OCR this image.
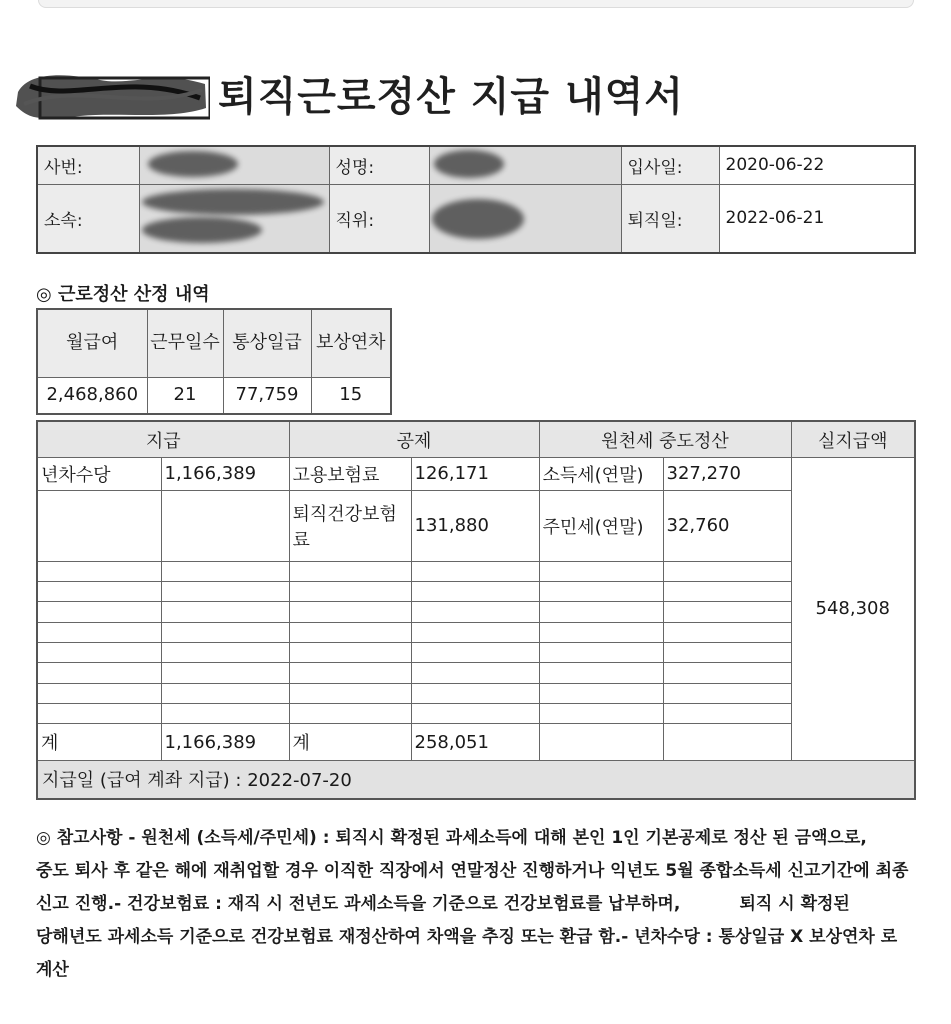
퇴직근로정산 지급 내역서
사번:		성명:		입사일:	2020-06-22
소속:		직위:		퇴직일:	2022-06-21
◎ 근로정산 산정 내역
월급여	근무일수	통상일급	보상연차
2,468,860	21	77,759	15
지급		공제		원천세 중도정산		실지급액
년차수당	1,166,389	고용보험료	126,171	소득세(연말)	327,270	548,308
		퇴직건강보험료	131,880	주민세(연말)	32,760	

계	1,166,389	계	258,051			
지급일 (급여 계좌 지급) : 2022-07-20						
◎ 참고사항 - 원천세 (소득세/주민세) : 퇴직시 확정된 과세소득에 대해 본인 1인 기본공제로 정산 된 금액으로,          중도 퇴사 후 같은 해에 재취업할 경우 이직한 직장에서 연말정산 진행하거나 익년도 5월 종합소득세 신고기간에 최종 신고 진행.- 건강보험료 : 재직 시 전년도 과세소득을 기준으로 건강보험료를 납부하며,          퇴직 시 확정된 당해년도 과세소득 기준으로 건강보험료 재정산하여 차액을 추징 또는 환급 함.- 년차수당 : 통상일급 X 보상연차 로 계산
